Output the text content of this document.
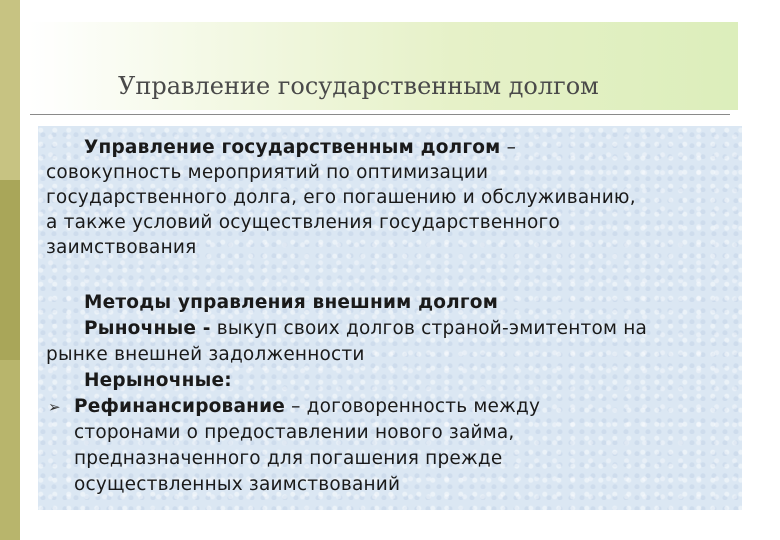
Управление государственным долгом
Управление государственным долгом –
совокупность мероприятий по оптимизации
государственного долга, его погашению и обслуживанию,
а также условий осуществления государственного
заимствования
Методы управления внешним долгом
Рыночные - выкуп своих долгов страной-эмитентом на
рынке внешней задолженности
Нерыночные:
➢ Рефинансирование – договоренность между
сторонами о предоставлении нового займа,
предназначенного для погашения прежде
осуществленных заимствований
